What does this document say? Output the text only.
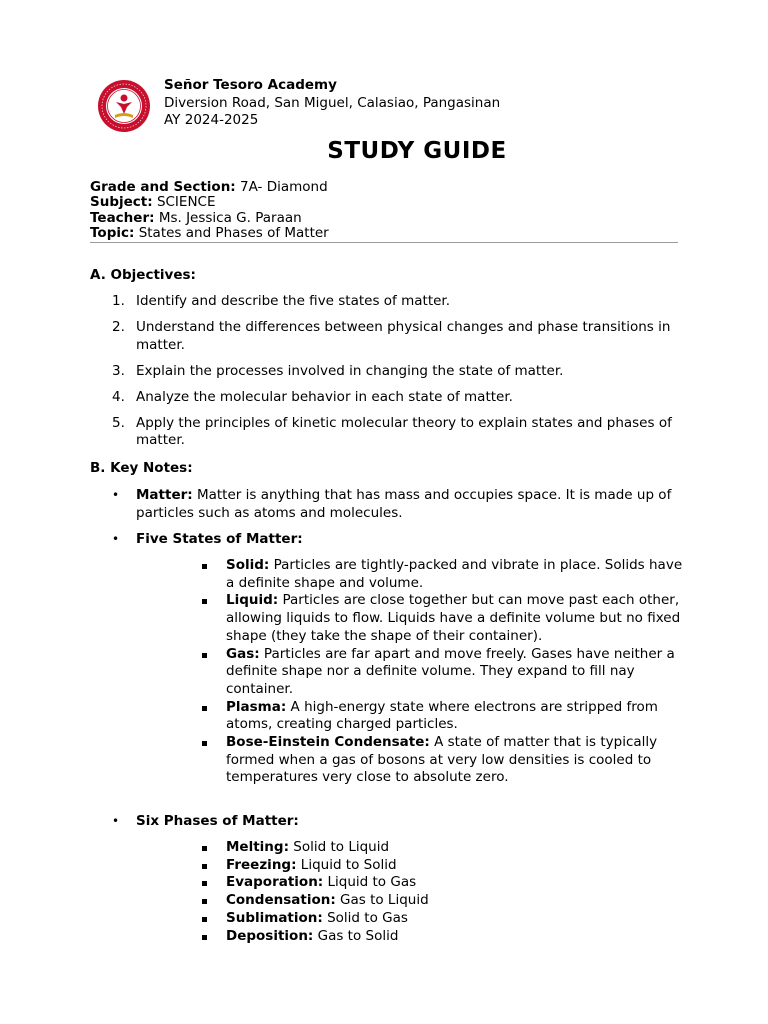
Señor Tesoro Academy
Diversion Road, San Miguel, Calasiao, Pangasinan
AY 2024-2025
STUDY GUIDE
Grade and Section: 7A- Diamond
Subject: SCIENCE
Teacher: Ms. Jessica G. Paraan
Topic: States and Phases of Matter
A. Objectives:
1. Identify and describe the five states of matter.
2. Understand the differences between physical changes and phase transitions in matter.
3. Explain the processes involved in changing the state of matter.
4. Analyze the molecular behavior in each state of matter.
5. Apply the principles of kinetic molecular theory to explain states and phases of matter.
B. Key Notes:
• Matter: Matter is anything that has mass and occupies space. It is made up of particles such as atoms and molecules.
• Five States of Matter:
Solid: Particles are tightly-packed and vibrate in place. Solids have a definite shape and volume.
Liquid: Particles are close together but can move past each other, allowing liquids to flow. Liquids have a definite volume but no fixed shape (they take the shape of their container).
Gas: Particles are far apart and move freely. Gases have neither a definite shape nor a definite volume. They expand to fill nay container.
Plasma: A high-energy state where electrons are stripped from atoms, creating charged particles.
Bose-Einstein Condensate: A state of matter that is typically formed when a gas of bosons at very low densities is cooled to temperatures very close to absolute zero.
• Six Phases of Matter:
Melting: Solid to Liquid
Freezing: Liquid to Solid
Evaporation: Liquid to Gas
Condensation: Gas to Liquid
Sublimation: Solid to Gas
Deposition: Gas to Solid
